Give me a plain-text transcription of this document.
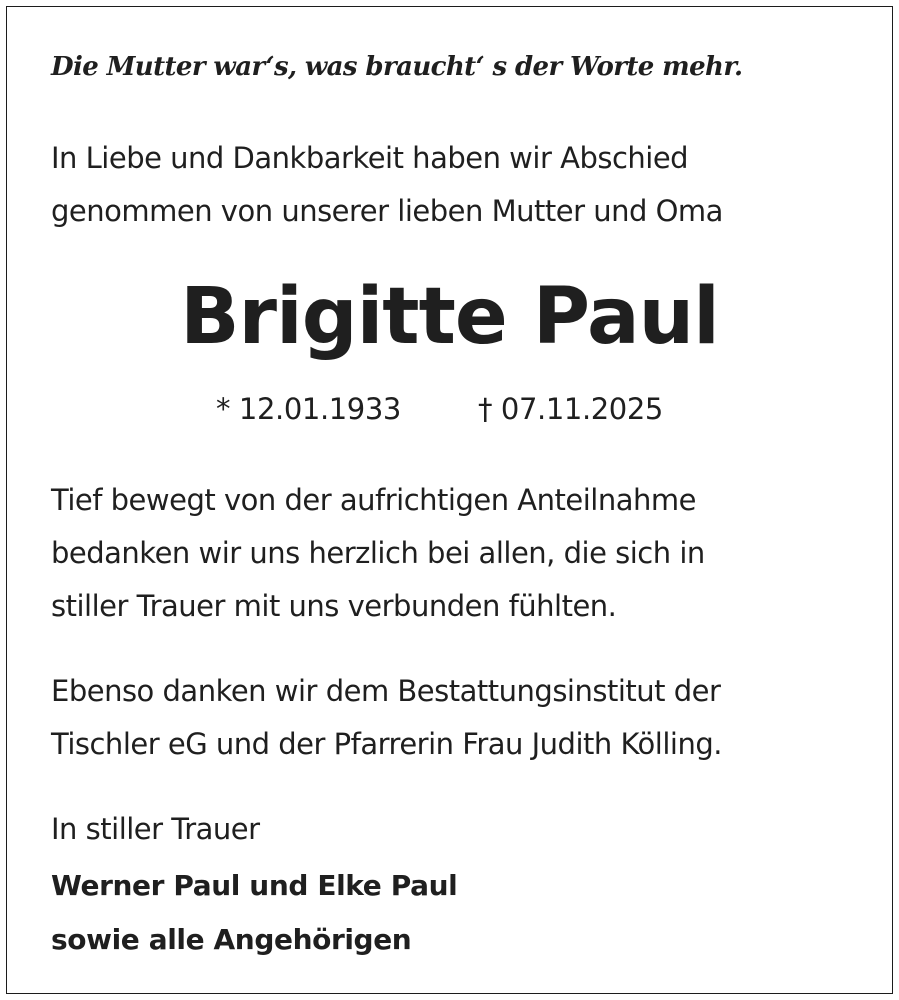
Die Mutter war‘s, was braucht‘ s der Worte mehr.

In Liebe und Dankbarkeit haben wir Abschied
genommen von unserer lieben Mutter und Oma
Brigitte Paul
* 12.01.1933	† 07.11.2025
Tief bewegt von der aufrichtigen Anteilnahme
bedanken wir uns herzlich bei allen, die sich in
stiller Trauer mit uns verbunden fühlten.
Ebenso danken wir dem Bestattungsinstitut der
Tischler eG und der Pfarrerin Frau Judith Kölling.
In stiller Trauer
Werner Paul und Elke Paul
sowie alle Angehörigen
